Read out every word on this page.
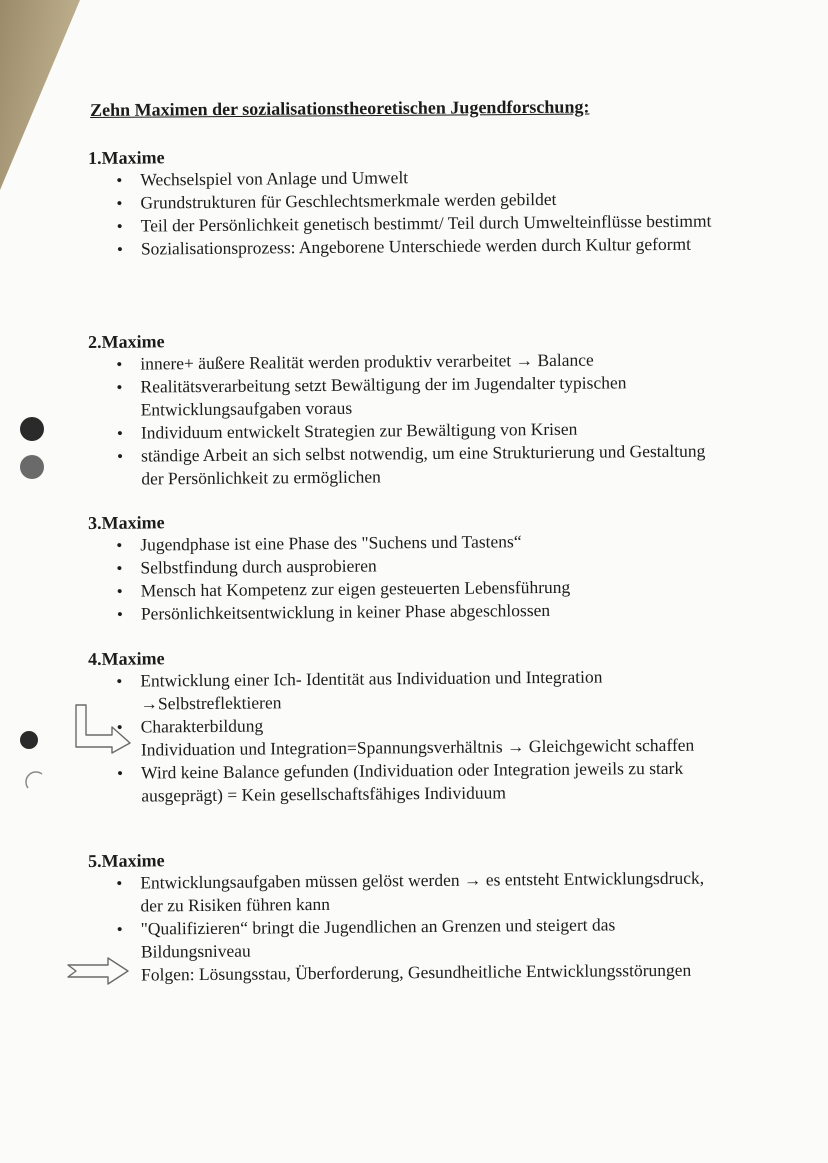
Zehn Maximen der sozialisationstheoretischen Jugendforschung:

1.Maxime

• Wechselspiel von Anlage und Umwelt
• Grundstrukturen für Geschlechtsmerkmale werden gebildet
• Teil der Persönlichkeit genetisch bestimmt/ Teil durch Umwelteinflüsse bestimmt
• Sozialisationsprozess: Angeborene Unterschiede werden durch Kultur geformt

2.Maxime

• innere+ äußere Realität werden produktiv verarbeitet → Balance
• Realitätsverarbeitung setzt Bewältigung der im Jugendalter typischen Entwicklungsaufgaben voraus
• Individuum entwickelt Strategien zur Bewältigung von Krisen
• ständige Arbeit an sich selbst notwendig, um eine Strukturierung und Gestaltung der Persönlichkeit zu ermöglichen

3.Maxime

• Jugendphase ist eine Phase des "Suchens und Tastens“
• Selbstfindung durch ausprobieren
• Mensch hat Kompetenz zur eigen gesteuerten Lebensführung
• Persönlichkeitsentwicklung in keiner Phase abgeschlossen

4.Maxime

• Entwicklung einer Ich- Identität aus Individuation und Integration
→Selbstreflektieren
• Charakterbildung
Individuation und Integration=Spannungsverhältnis → Gleichgewicht schaffen
• Wird keine Balance gefunden (Individuation oder Integration jeweils zu stark ausgeprägt) = Kein gesellschaftsfähiges Individuum

5.Maxime

• Entwicklungsaufgaben müssen gelöst werden → es entsteht Entwicklungsdruck, der zu Risiken führen kann
• "Qualifizieren“ bringt die Jugendlichen an Grenzen und steigert das Bildungsniveau
Folgen: Lösungsstau, Überforderung, Gesundheitliche Entwicklungsstörungen
